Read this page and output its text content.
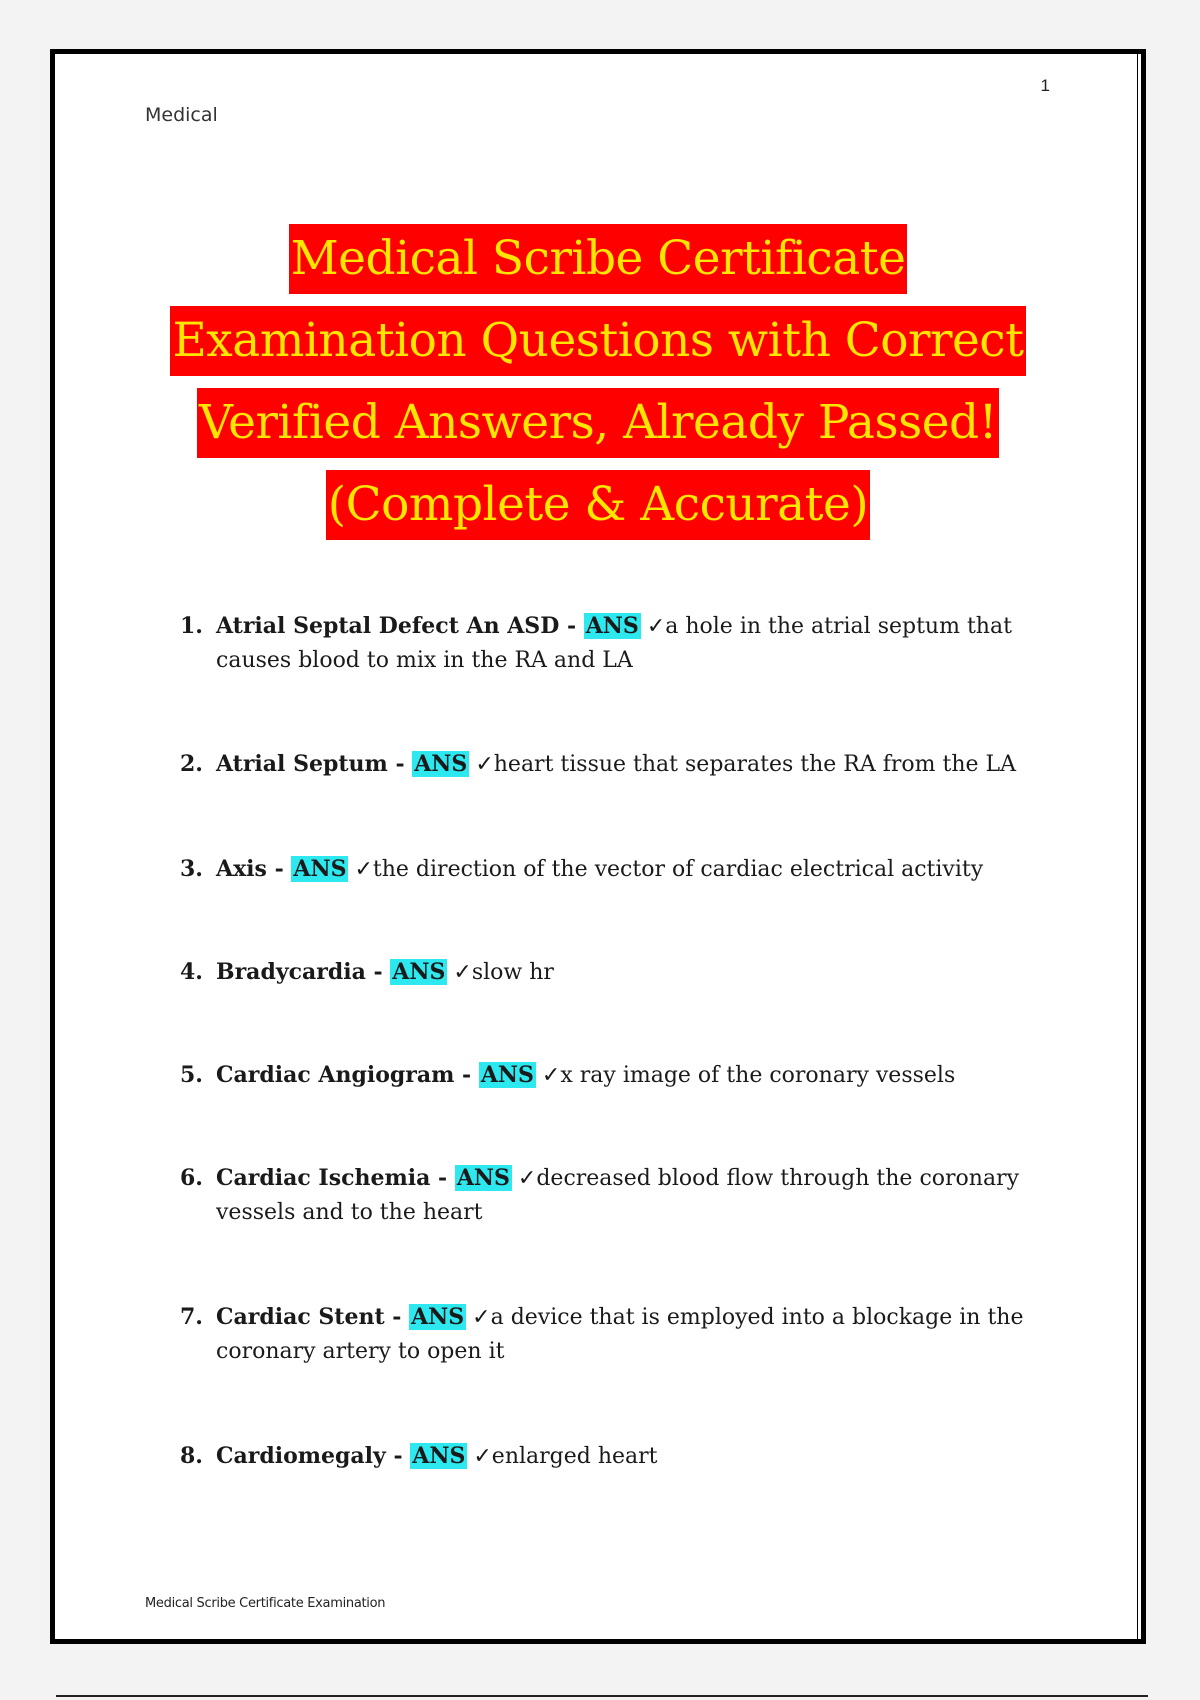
1
Medical
Medical Scribe Certificate
Examination Questions with Correct
Verified Answers, Already Passed!
(Complete & Accurate)
1. Atrial Septal Defect An ASD - ANS ✓a hole in the atrial septum that causes blood to mix in the RA and LA
2. Atrial Septum - ANS ✓heart tissue that separates the RA from the LA
3. Axis - ANS ✓the direction of the vector of cardiac electrical activity
4. Bradycardia - ANS ✓slow hr
5. Cardiac Angiogram - ANS ✓x ray image of the coronary vessels
6. Cardiac Ischemia - ANS ✓decreased blood flow through the coronary vessels and to the heart
7. Cardiac Stent - ANS ✓a device that is employed into a blockage in the coronary artery to open it
8. Cardiomegaly - ANS ✓enlarged heart
Medical Scribe Certificate Examination
